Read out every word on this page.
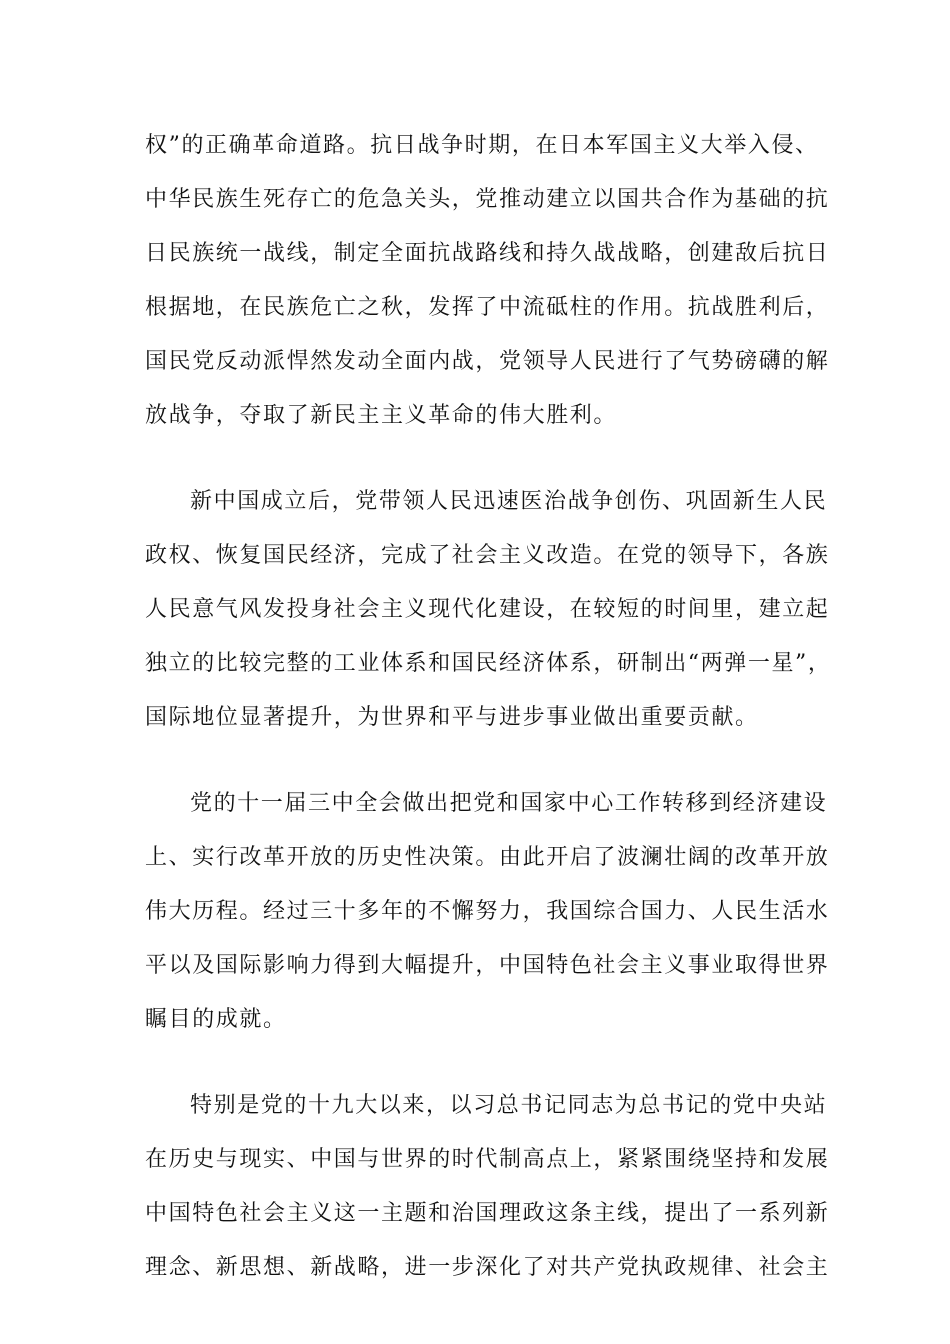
权”的正确革命道路。抗日战争时期，在日本军国主义大举入侵、
中华民族生死存亡的危急关头，党推动建立以国共合作为基础的抗
日民族统一战线，制定全面抗战路线和持久战战略，创建敌后抗日
根据地，在民族危亡之秋，发挥了中流砥柱的作用。抗战胜利后，
国民党反动派悍然发动全面内战，党领导人民进行了气势磅礴的解
放战争，夺取了新民主主义革命的伟大胜利。
新中国成立后，党带领人民迅速医治战争创伤、巩固新生人民
政权、恢复国民经济，完成了社会主义改造。在党的领导下，各族
人民意气风发投身社会主义现代化建设，在较短的时间里，建立起
独立的比较完整的工业体系和国民经济体系，研制出“两弹一星”，
国际地位显著提升，为世界和平与进步事业做出重要贡献。
党的十一届三中全会做出把党和国家中心工作转移到经济建设
上、实行改革开放的历史性决策。由此开启了波澜壮阔的改革开放
伟大历程。经过三十多年的不懈努力，我国综合国力、人民生活水
平以及国际影响力得到大幅提升，中国特色社会主义事业取得世界
瞩目的成就。
特别是党的十九大以来，以习总书记同志为总书记的党中央站
在历史与现实、中国与世界的时代制高点上，紧紧围绕坚持和发展
中国特色社会主义这一主题和治国理政这条主线，提出了一系列新
理念、新思想、新战略，进一步深化了对共产党执政规律、社会主
